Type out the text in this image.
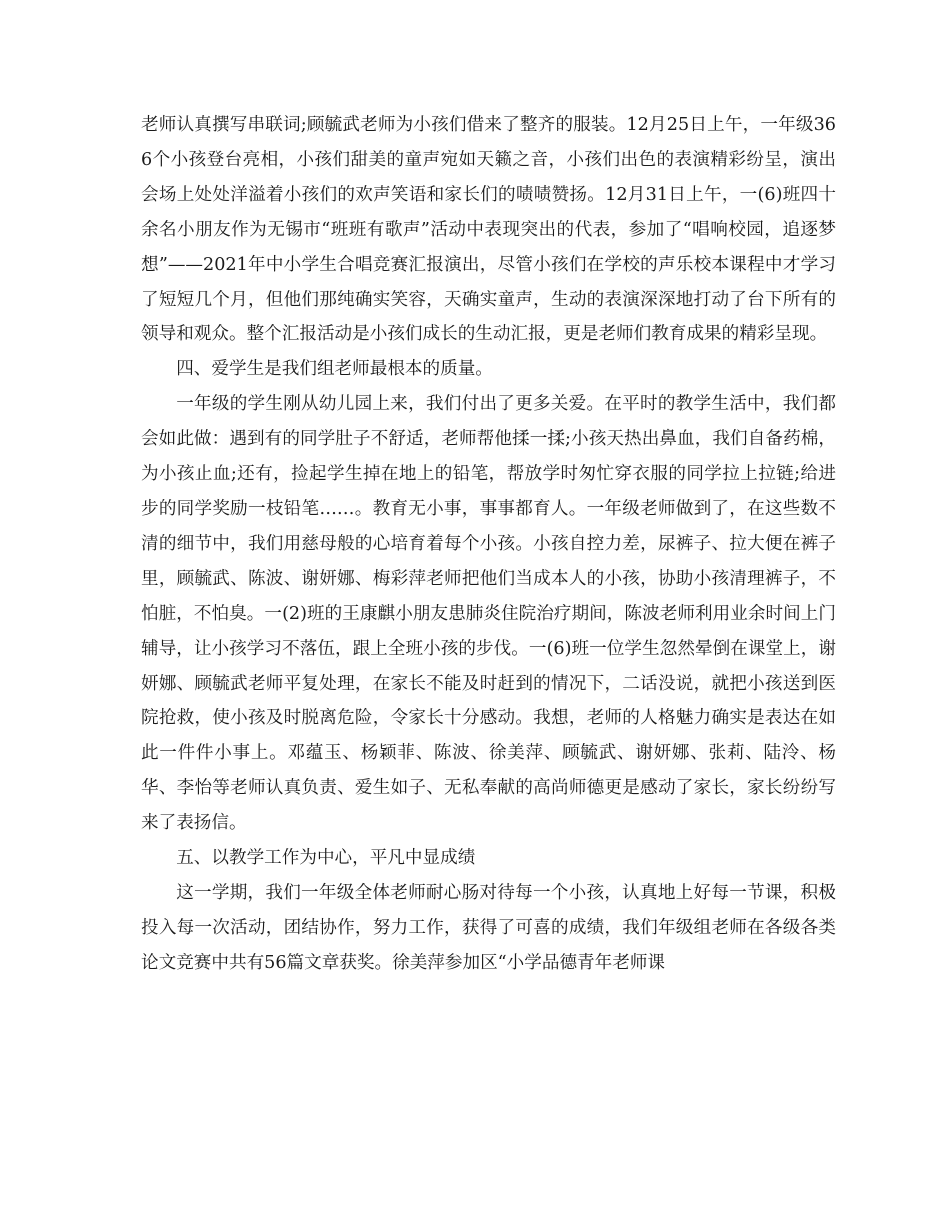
老师认真撰写串联词;顾毓武老师为小孩们借来了整齐的服装。12月25日上午，一年级366个小孩登台亮相，小孩们甜美的童声宛如天籁之音，小孩们出色的表演精彩纷呈，演出会场上处处洋溢着小孩们的欢声笑语和家长们的啧啧赞扬。12月31日上午，一(6)班四十余名小朋友作为无锡市“班班有歌声”活动中表现突出的代表，参加了“唱响校园，追逐梦想”——2021年中小学生合唱竞赛汇报演出，尽管小孩们在学校的声乐校本课程中才学习了短短几个月，但他们那纯确实笑容，天确实童声，生动的表演深深地打动了台下所有的领导和观众。整个汇报活动是小孩们成长的生动汇报，更是老师们教育成果的精彩呈现。

四、爱学生是我们组老师最根本的质量。

一年级的学生刚从幼儿园上来，我们付出了更多关爱。在平时的教学生活中，我们都会如此做：遇到有的同学肚子不舒适，老师帮他揉一揉;小孩天热出鼻血，我们自备药棉，为小孩止血;还有，捡起学生掉在地上的铅笔，帮放学时匆忙穿衣服的同学拉上拉链;给进步的同学奖励一枝铅笔……。教育无小事，事事都育人。一年级老师做到了，在这些数不清的细节中，我们用慈母般的心培育着每个小孩。小孩自控力差，尿裤子、拉大便在裤子里，顾毓武、陈波、谢妍娜、梅彩萍老师把他们当成本人的小孩，协助小孩清理裤子，不怕脏，不怕臭。一(2)班的王康麒小朋友患肺炎住院治疗期间，陈波老师利用业余时间上门辅导，让小孩学习不落伍，跟上全班小孩的步伐。一(6)班一位学生忽然晕倒在课堂上，谢妍娜、顾毓武老师平复处理，在家长不能及时赶到的情况下，二话没说，就把小孩送到医院抢救，使小孩及时脱离危险，令家长十分感动。我想，老师的人格魅力确实是表达在如此一件件小事上。邓蕴玉、杨颖菲、陈波、徐美萍、顾毓武、谢妍娜、张莉、陆泠、杨华、李怡等老师认真负责、爱生如子、无私奉献的高尚师德更是感动了家长，家长纷纷写来了表扬信。

五、以教学工作为中心，平凡中显成绩

这一学期，我们一年级全体老师耐心肠对待每一个小孩，认真地上好每一节课，积极投入每一次活动，团结协作，努力工作，获得了可喜的成绩，我们年级组老师在各级各类论文竞赛中共有56篇文章获奖。徐美萍参加区“小学品德青年老师课
